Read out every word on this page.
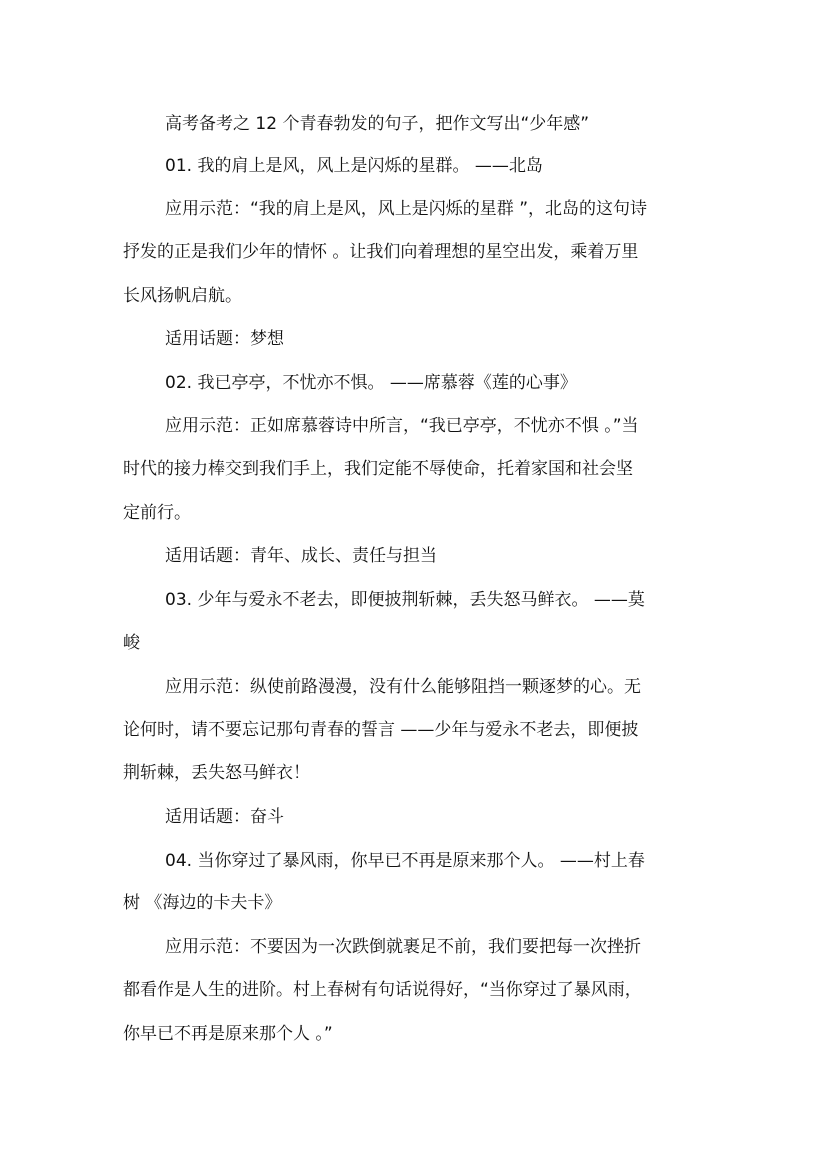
高考备考之 12 个青春勃发的句子，把作文写出“少年感”
01. 我的肩上是风，风上是闪烁的星群。 ——北岛
应用示范：“我的肩上是风，风上是闪烁的星群 ”，北岛的这句诗
抒发的正是我们少年的情怀 。让我们向着理想的星空出发，乘着万里
长风扬帆启航。
适用话题：梦想
02. 我已亭亭，不忧亦不惧。 ——席慕蓉《莲的心事》
应用示范：正如席慕蓉诗中所言，“我已亭亭，不忧亦不惧 。”当
时代的接力棒交到我们手上，我们定能不辱使命，托着家国和社会坚
定前行。
适用话题：青年、成长、责任与担当
03. 少年与爱永不老去，即便披荆斩棘，丢失怒马鲜衣。 ——莫
峻
应用示范：纵使前路漫漫，没有什么能够阻挡一颗逐梦的心。无
论何时，请不要忘记那句青春的誓言 ——少年与爱永不老去，即便披
荆斩棘，丢失怒马鲜衣！
适用话题：奋斗
04. 当你穿过了暴风雨，你早已不再是原来那个人。 ——村上春
树 《海边的卡夫卡》
应用示范：不要因为一次跌倒就裹足不前，我们要把每一次挫折
都看作是人生的进阶。村上春树有句话说得好，“当你穿过了暴风雨，
你早已不再是原来那个人 。”
